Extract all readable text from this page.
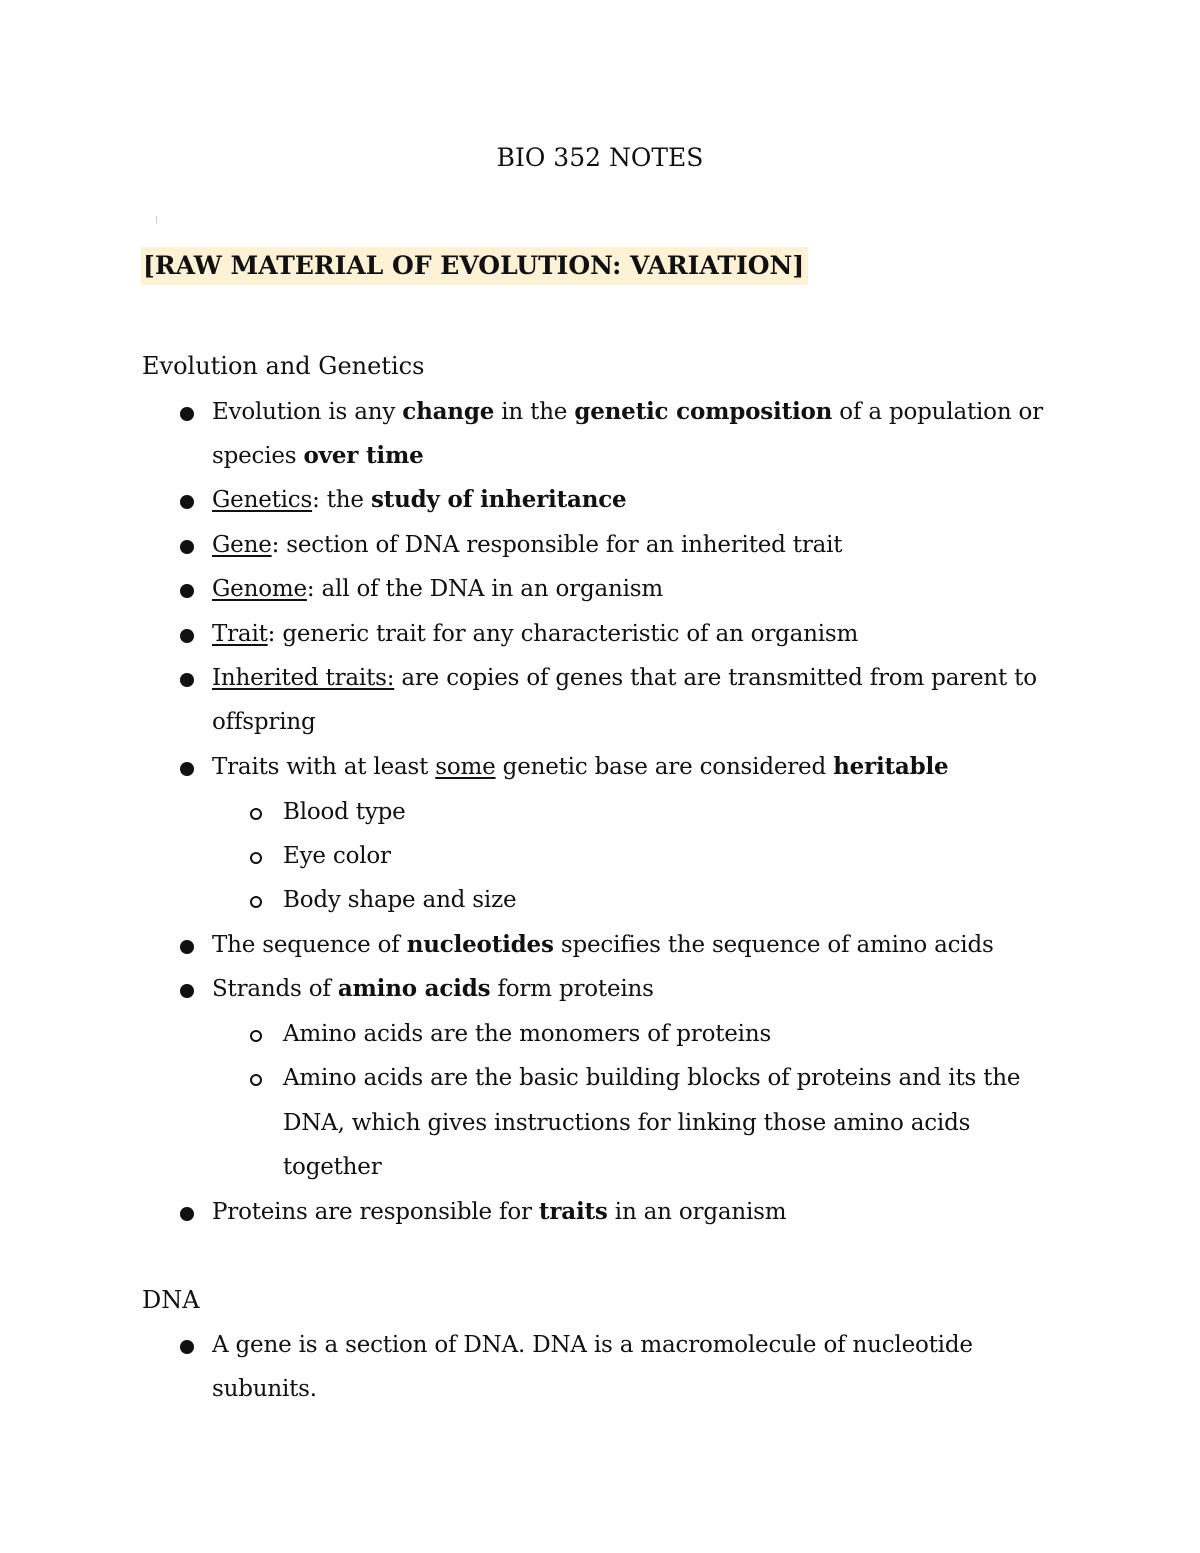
BIO 352 NOTES
[RAW MATERIAL OF EVOLUTION: VARIATION]
Evolution and Genetics
Evolution is any change in the genetic composition of a population or
species over time
Genetics: the study of inheritance
Gene: section of DNA responsible for an inherited trait
Genome: all of the DNA in an organism
Trait: generic trait for any characteristic of an organism
Inherited traits: are copies of genes that are transmitted from parent to
offspring
Traits with at least some genetic base are considered heritable
Blood type
Eye color
Body shape and size
The sequence of nucleotides specifies the sequence of amino acids
Strands of amino acids form proteins
Amino acids are the monomers of proteins
Amino acids are the basic building blocks of proteins and its the
DNA, which gives instructions for linking those amino acids
together
Proteins are responsible for traits in an organism
DNA
A gene is a section of DNA. DNA is a macromolecule of nucleotide
subunits.
